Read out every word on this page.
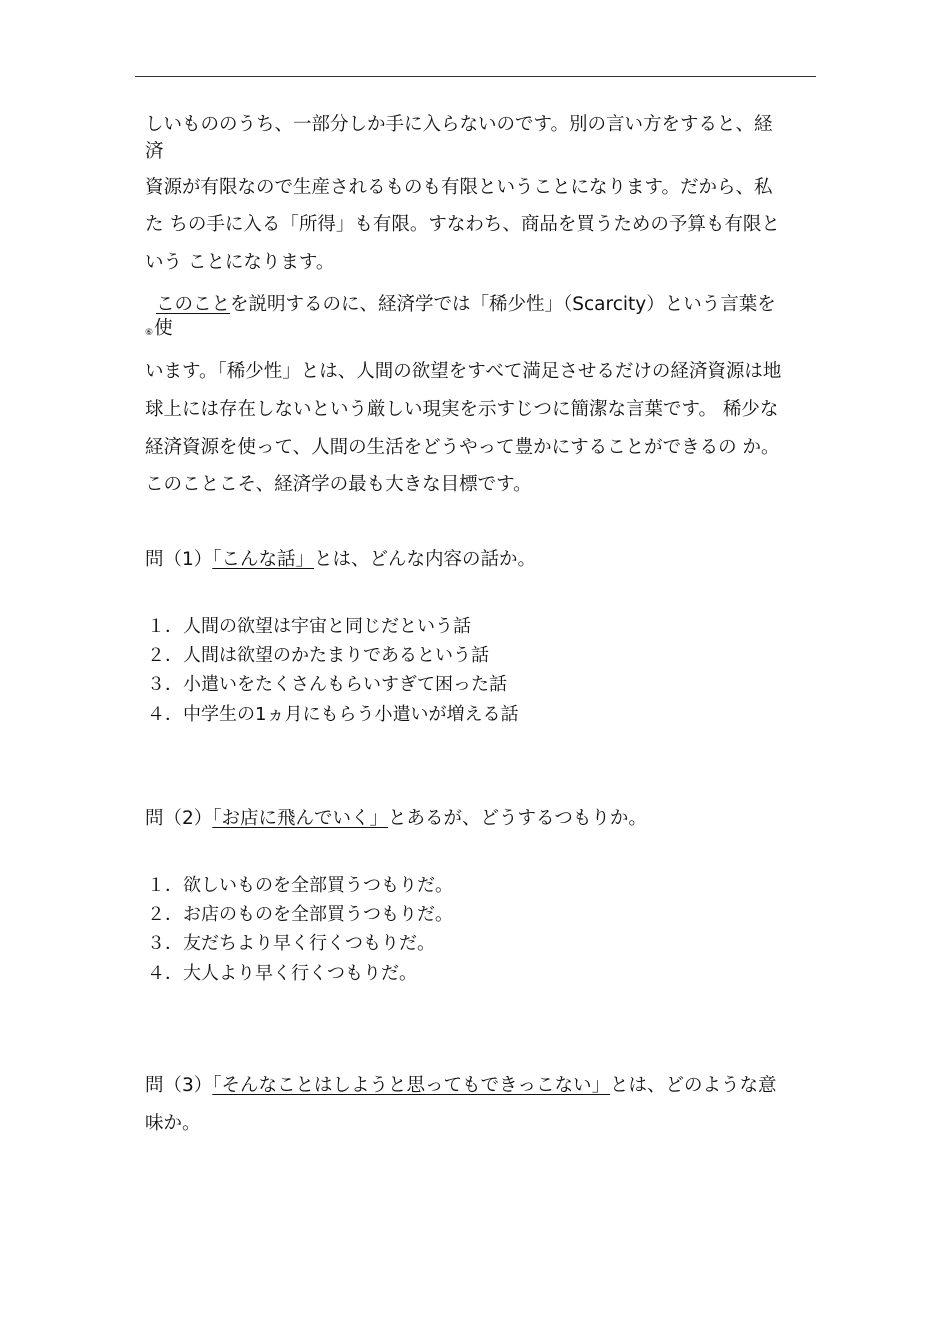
しいもののうち、一部分しか手に入らないのです。別の言い方をすると、経
済
資源が有限なので生産されるものも有限ということになります。だから、私
た ちの手に入る「所得」も有限。すなわち、商品を買うための予算も有限と
いう ことになります。
このことを説明するのに、経済学では「稀少性」（Scarcity）という言葉を
⑥使
います。「稀少性」とは、人間の欲望をすべて満足させるだけの経済資源は地
球上には存在しないという厳しい現実を示すじつに簡潔な言葉です。 稀少な
経済資源を使って、人間の生活をどうやって豊かにすることができるの か。
このことこそ、経済学の最も大きな目標です。
問（1）「こんな話」とは、どんな内容の話か。
１．人間の欲望は宇宙と同じだという話
２．人間は欲望のかたまりであるという話
３．小遣いをたくさんもらいすぎて困った話
４．中学生の1ヵ月にもらう小遣いが増える話
問（2）「お店に飛んでいく」とあるが、どうするつもりか。
１．欲しいものを全部買うつもりだ。
２．お店のものを全部買うつもりだ。
３．友だちより早く行くつもりだ。
４．大人より早く行くつもりだ。
問（3）「そんなことはしようと思ってもできっこない」とは、どのような意
味か。
